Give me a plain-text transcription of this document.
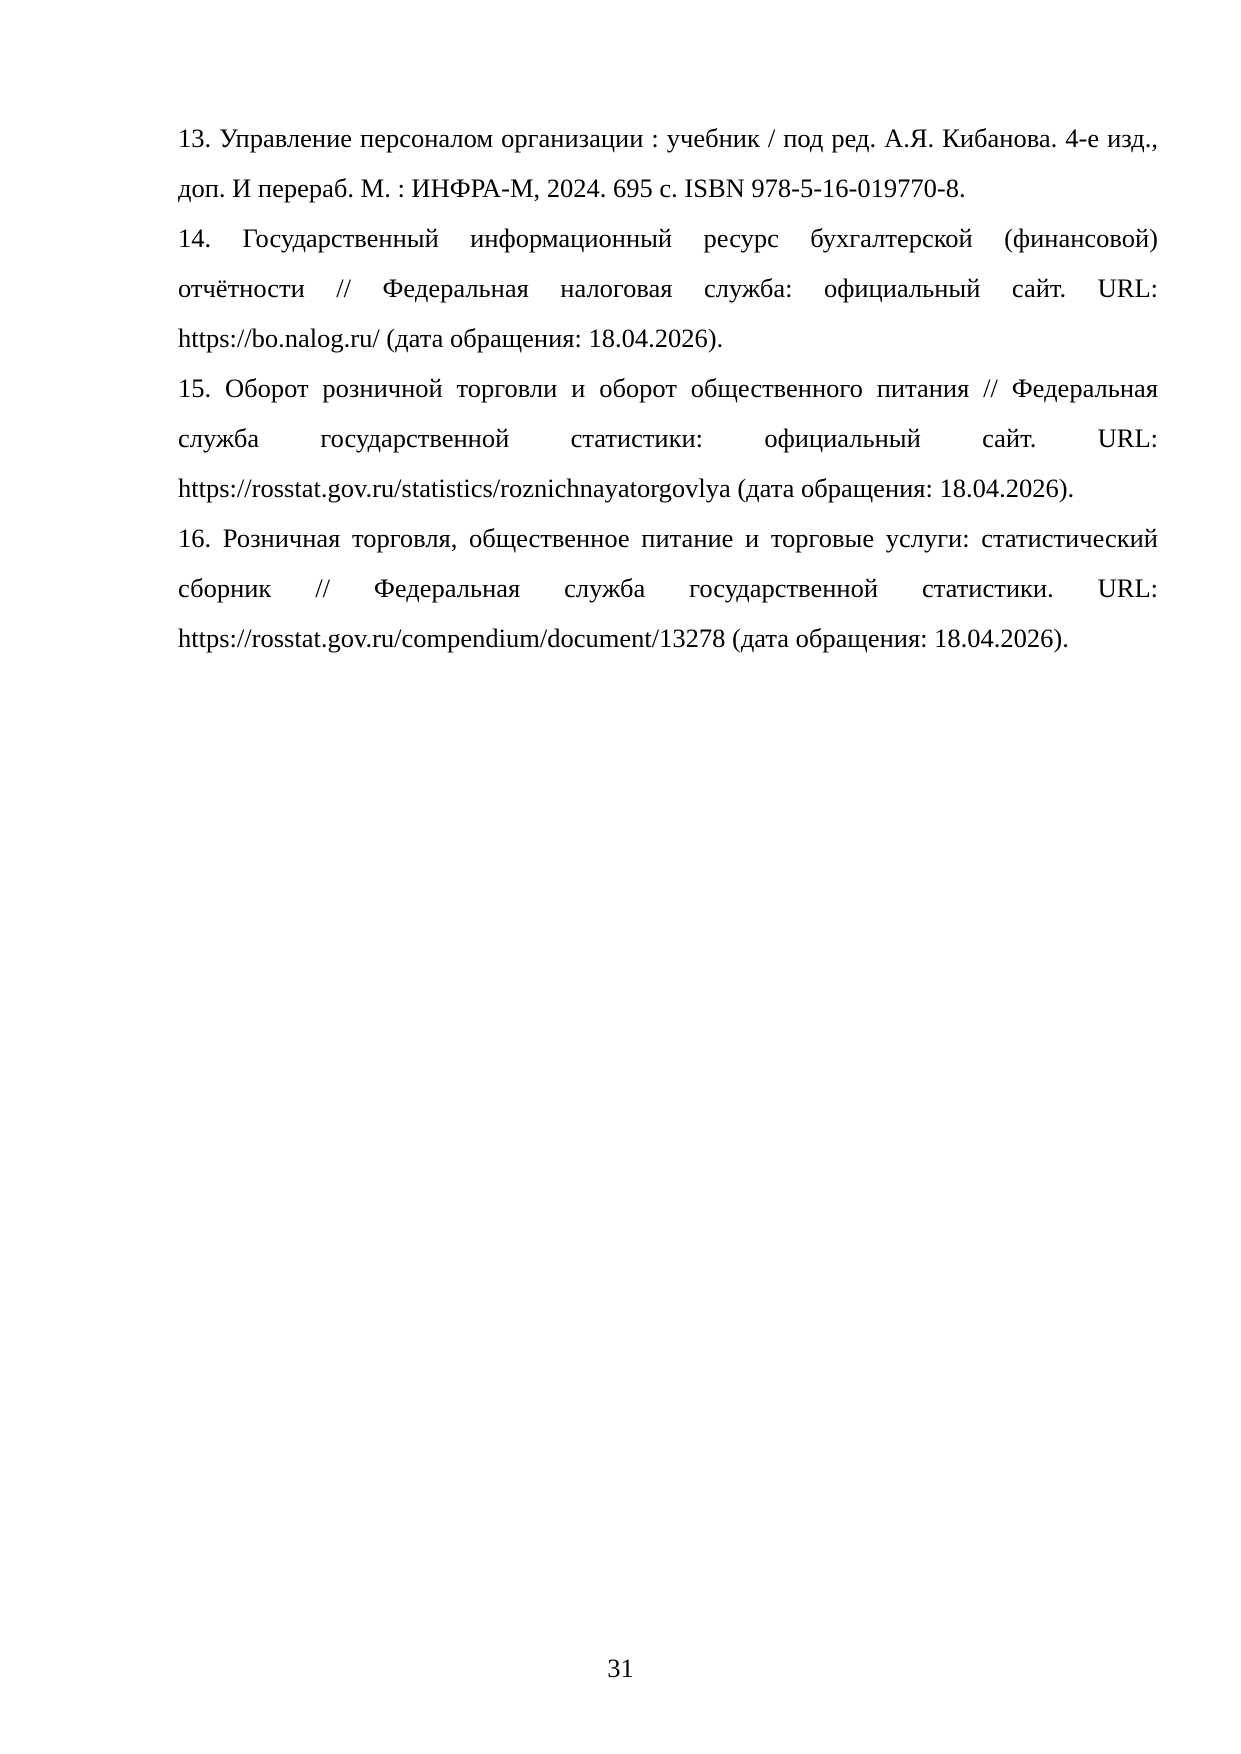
13. Управление персоналом организации : учебник / под ред. А.Я. Кибанова. 4-е изд., доп. И перераб. М. : ИНФРА-М, 2024. 695 с. ISBN 978-5-16-019770-8.
14. Государственный информационный ресурс бухгалтерской (финансовой) отчётности // Федеральная налоговая служба: официальный сайт. URL: https://bo.nalog.ru/ (дата обращения: 18.04.2026).
15. Оборот розничной торговли и оборот общественного питания // Федеральная служба государственной статистики: официальный сайт. URL: https://rosstat.gov.ru/statistics/roznichnayatorgovlya (дата обращения: 18.04.2026).
16. Розничная торговля, общественное питание и торговые услуги: статистический сборник // Федеральная служба государственной статистики. URL: https://rosstat.gov.ru/compendium/document/13278 (дата обращения: 18.04.2026).
31
